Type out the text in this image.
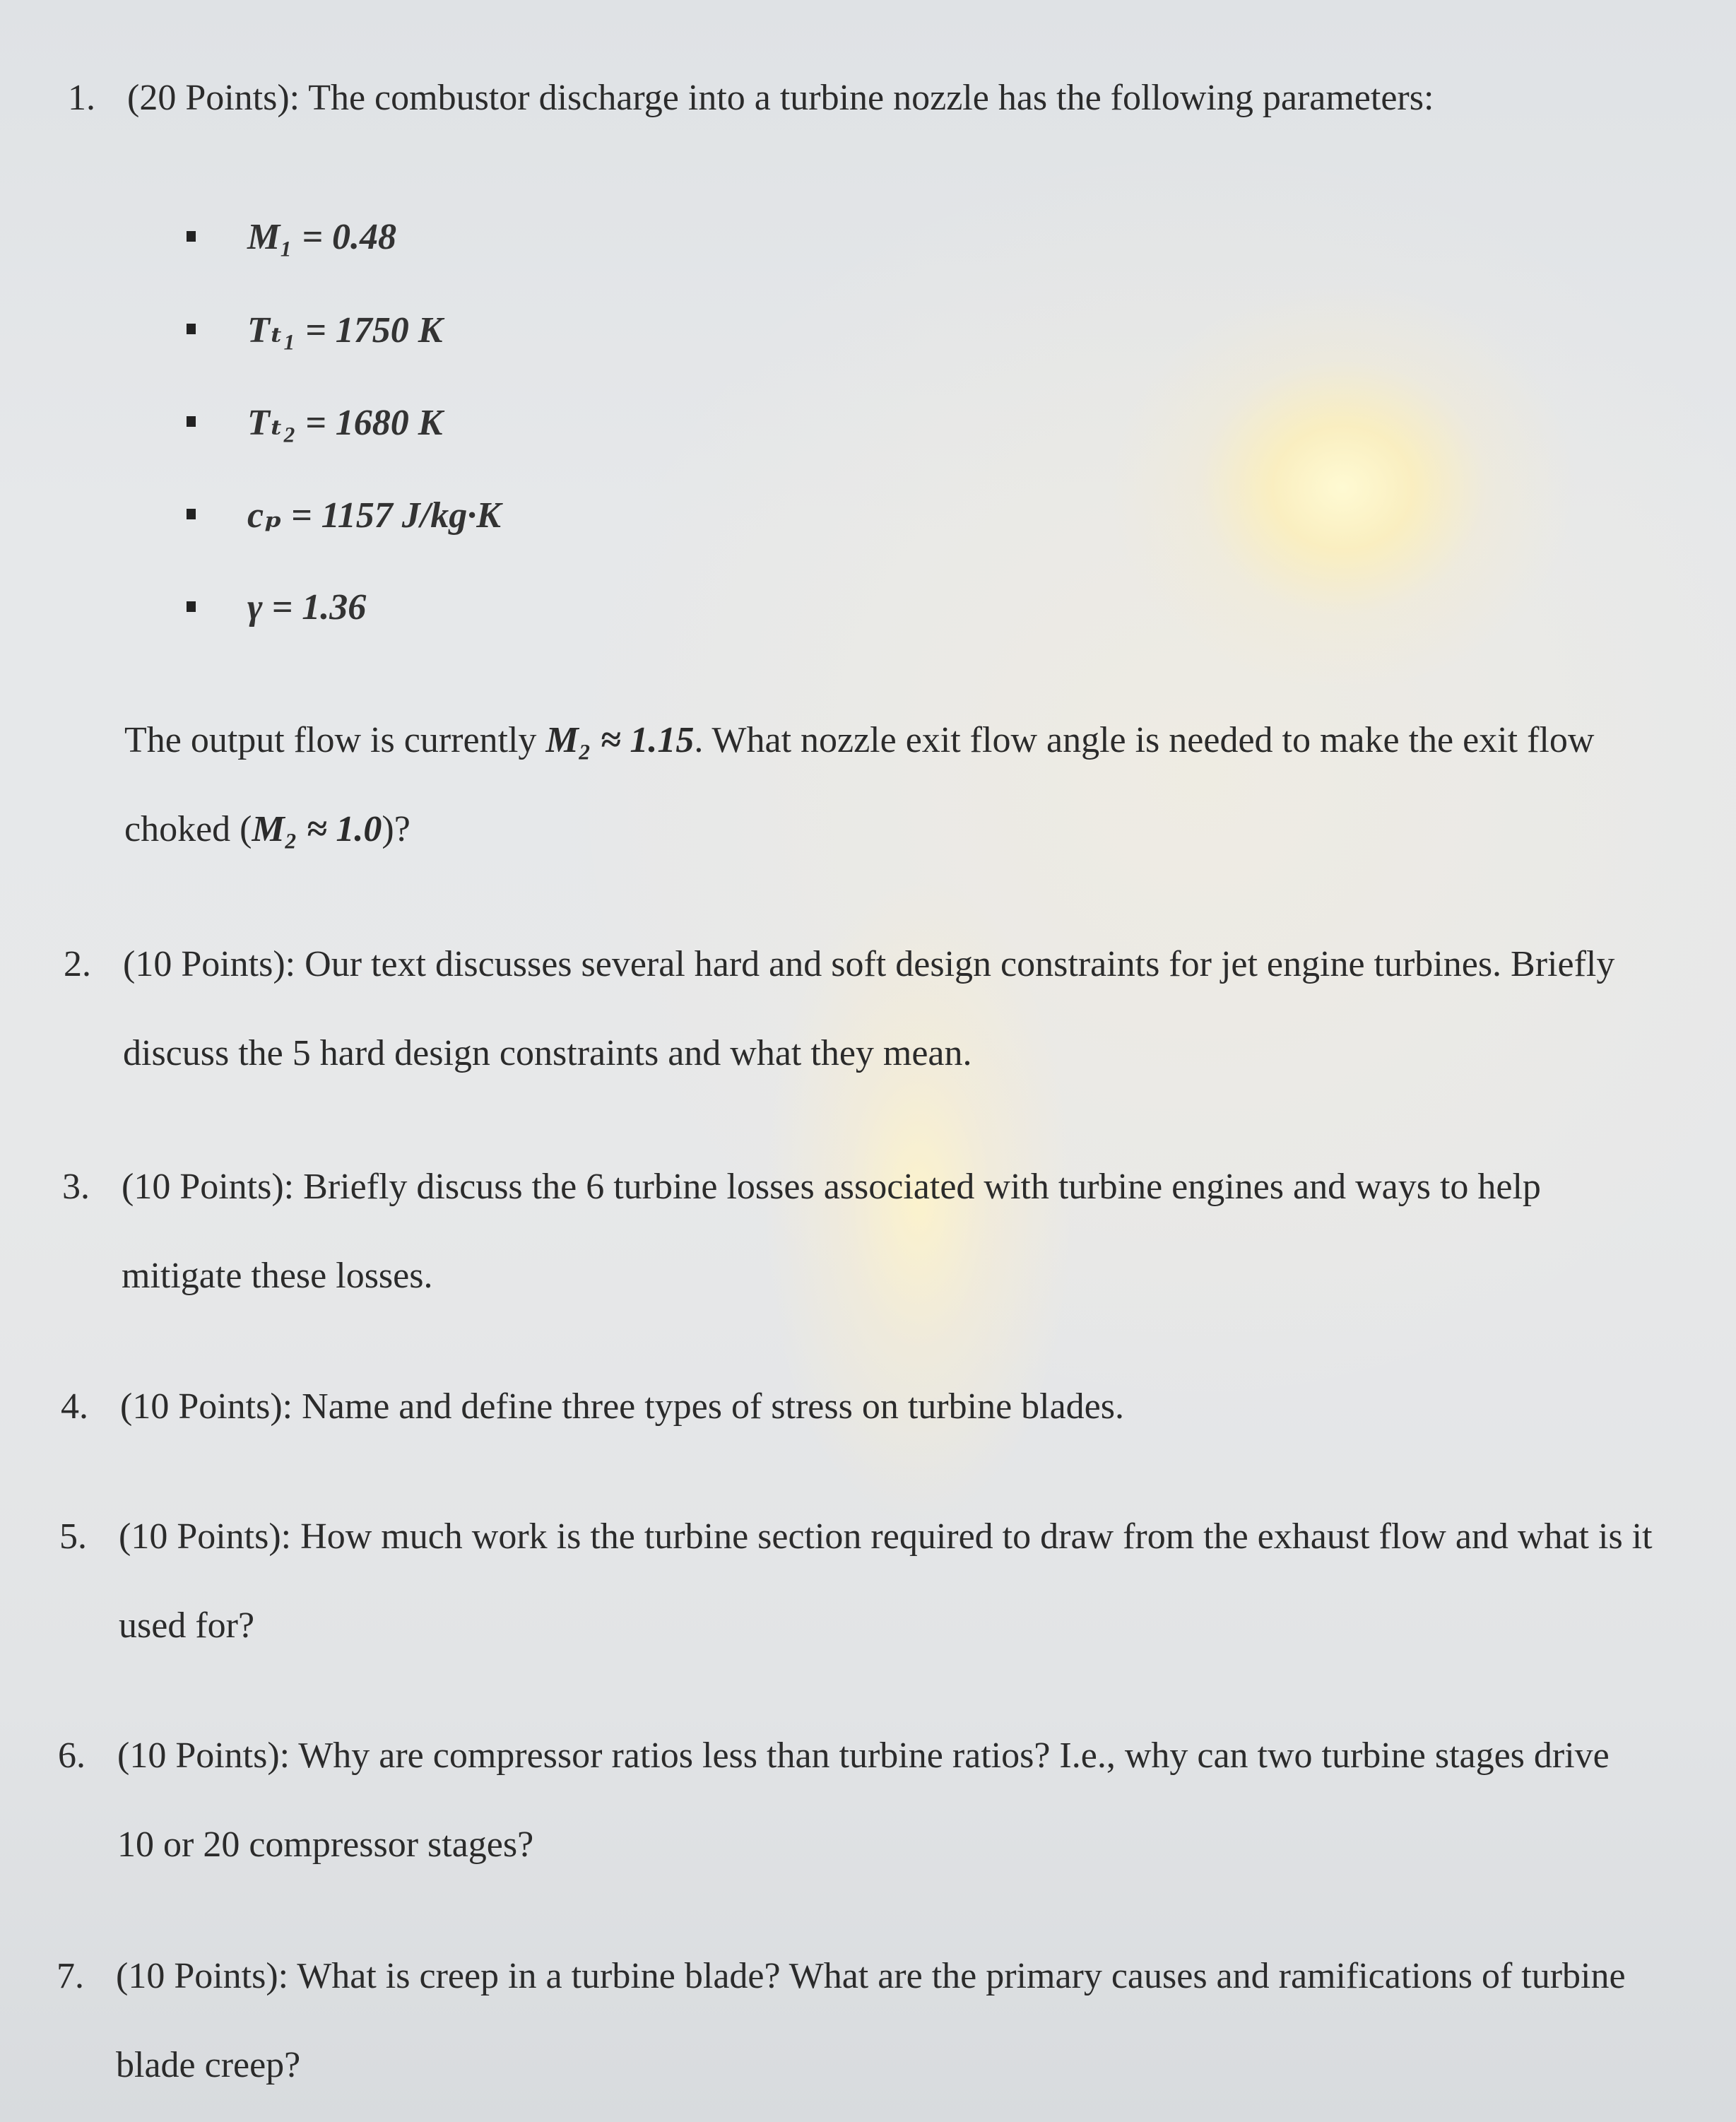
1. (20 Points): The combustor discharge into a turbine nozzle has the following parameters:
M₁ = 0.48
Tₜ₁ = 1750 K
Tₜ₂ = 1680 K
cₚ = 1157 J/kg·K
γ = 1.36
The output flow is currently M₂ ≈ 1.15. What nozzle exit flow angle is needed to make the exit flow choked (M₂ ≈ 1.0)?
2. (10 Points): Our text discusses several hard and soft design constraints for jet engine turbines. Briefly discuss the 5 hard design constraints and what they mean.
3. (10 Points): Briefly discuss the 6 turbine losses associated with turbine engines and ways to help mitigate these losses.
4. (10 Points): Name and define three types of stress on turbine blades.
5. (10 Points): How much work is the turbine section required to draw from the exhaust flow and what is it used for?
6. (10 Points): Why are compressor ratios less than turbine ratios? I.e., why can two turbine stages drive 10 or 20 compressor stages?
7. (10 Points): What is creep in a turbine blade? What are the primary causes and ramifications of turbine blade creep?
